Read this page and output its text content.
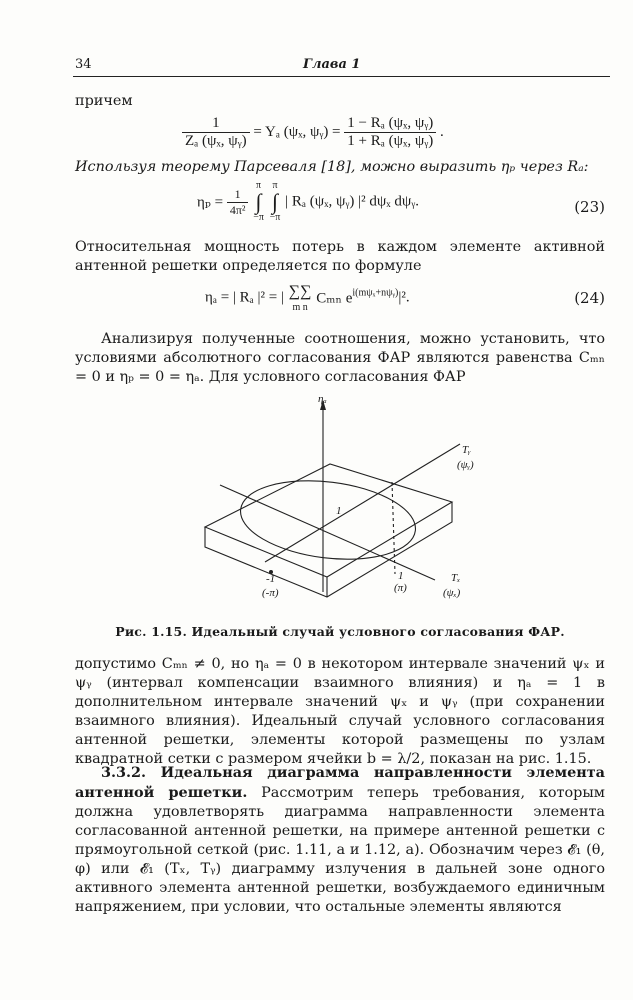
34	Глава 1
причем
$\frac{1}{\text{Zₐ (ψₓ, ψᵧ)}} = Y_a$ (ψₓ, ψᵧ) = $\frac{\text{1 − Rₐ (ψₓ, ψᵧ)}}{\text{1 + Rₐ (ψₓ, ψᵧ)}}$ .
Используя теорему Парсеваля [18], можно выразить ηₚ через Rₐ:
$\eta_p = \frac{1}{\text{4π²}}$

π
∫
−π

π
∫
−π
| Rₐ (ψₓ, ψᵧ) |² dψₓ dψᵧ.	(23)
Относительная мощность потерь в каждом элементе активной антенной решетки определяется по формуле
ηₐ = | Rₐ |² = | ∑∑
m n
Cₘₙ $e^{i(m\psi_x+n\psi ᵧ)}|^2$.	(24)
Анализируя полученные соотношения, можно установить, что условиями абсолютного согласования ФАР являются равенства Cₘₙ = 0 и ηₚ = 0 = ηₐ. Для условного согласования ФАР
ηₐ
Tᵧ
(ψᵧ)
Tₓ
(ψₓ)
1
-1
(-π)
1
(π)
Рис. 1.15. Идеальный случай условного согласования ФАР.
допустимо Cₘₙ ≠ 0, но ηₐ = 0 в некотором интервале значений ψₓ и ψᵧ (интервал компенсации взаимного влияния) и ηₐ = 1 в дополнительном интервале значений ψₓ и ψᵧ (при сохранении взаимного влияния). Идеальный случай условного согласования антенной решетки, элементы которой размещены по узлам квадратной сетки с размером ячейки b = λ/2, показан на рис. 1.15.
3.3.2. Идеальная диаграмма направленности элемента антенной решетки. Рассмотрим теперь требования, которым должна удовлетворять диаграмма направленности элемента согласованной антенной решетки, на примере антенной решетки с прямоугольной сеткой (рис. 1.11, a и 1.12, a). Обозначим через 𝓔₁ (θ, φ) или 𝓔₁ (Tₓ, Tᵧ) диаграмму излучения в дальней зоне одного активного элемента антенной решетки, возбуждаемого единичным напряжением, при условии, что остальные элементы являются
